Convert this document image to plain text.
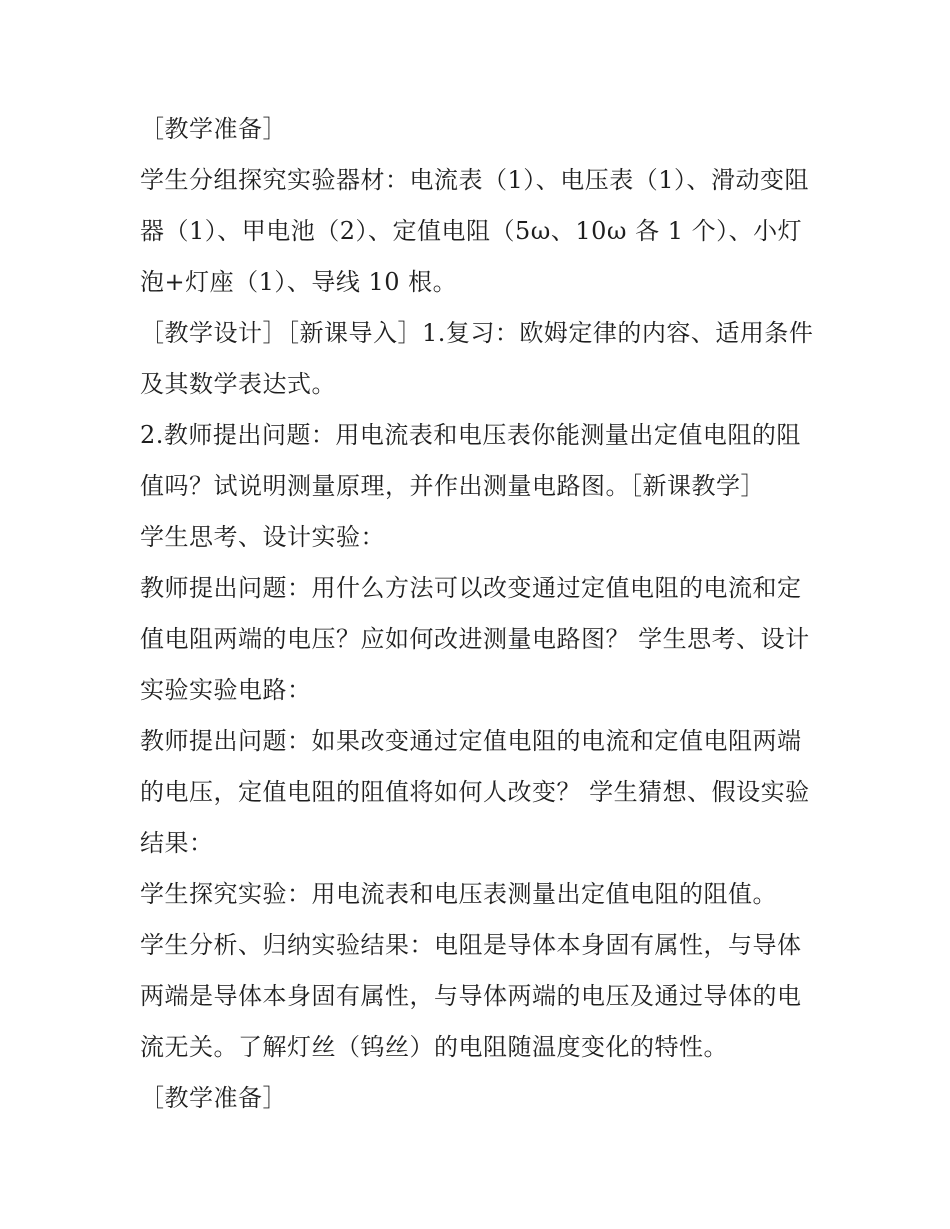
［教学准备］

学生分组探究实验器材：电流表（1）、电压表（1）、滑动变阻器（1）、甲电池（2）、定值电阻（5ω、10ω 各 1 个）、小灯泡+灯座（1）、导线 10 根。

［教学设计］［新课导入］1.复习：欧姆定律的内容、适用条件及其数学表达式。

2.教师提出问题：用电流表和电压表你能测量出定值电阻的阻值吗？试说明测量原理，并作出测量电路图。［新课教学］

学生思考、设计实验：

教师提出问题：用什么方法可以改变通过定值电阻的电流和定值电阻两端的电压？应如何改进测量电路图？ 学生思考、设计实验实验电路：

教师提出问题：如果改变通过定值电阻的电流和定值电阻两端的电压，定值电阻的阻值将如何人改变？ 学生猜想、假设实验结果：

学生探究实验：用电流表和电压表测量出定值电阻的阻值。

学生分析、归纳实验结果：电阻是导体本身固有属性，与导体两端是导体本身固有属性，与导体两端的电压及通过导体的电流无关。了解灯丝（钨丝）的电阻随温度变化的特性。

［教学准备］
